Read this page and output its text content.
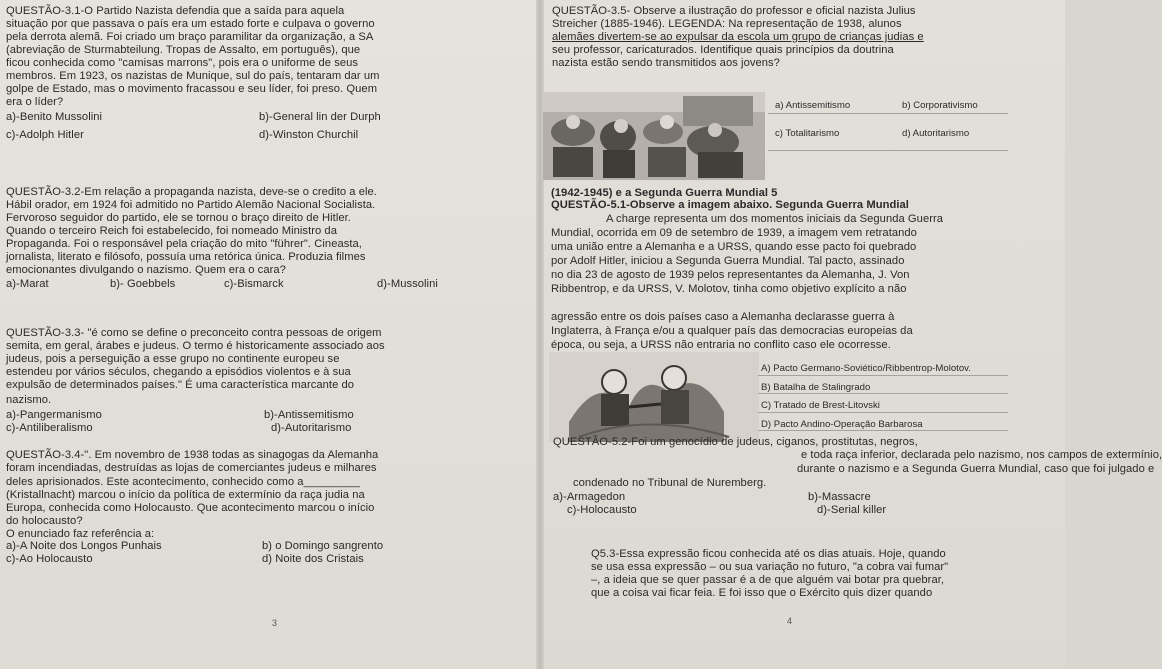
QUESTÃO-3.1-O Partido Nazista defendia que a saída para aquela

situação por que passava o país era um estado forte e culpava o governo

pela derrota alemã. Foi criado um braço paramilitar da organização, a SA

(abreviação de Sturmabteilung. Tropas de Assalto, em português), que

ficou conhecida como "camisas marrons", pois era o uniforme de seus

membros. Em 1923, os nazistas de Munique, sul do país, tentaram dar um

golpe de Estado, mas o movimento fracassou e seu líder, foi preso. Quem

era o líder?

a)-Benito Mussolini	b)-General lin der Durph

c)-Adolph Hitler	d)-Winston Churchil

QUESTÃO-3.2-Em relação a propaganda nazista, deve-se o credito a ele.

Hábil orador, em 1924 foi admitido no Partido Alemão Nacional Socialista.

Fervoroso seguidor do partido, ele se tornou o braço direito de Hitler.

Quando o terceiro Reich foi estabelecido, foi nomeado Ministro da

Propaganda. Foi o responsável pela criação do mito "führer". Cineasta,

jornalista, literato e filósofo, possuía uma retórica única. Produzia filmes

emocionantes divulgando o nazismo. Quem era o cara?

a)-Marat	b)- Goebbels	c)-Bismarck	d)-Mussolini

QUESTÃO-3.3- "é como se define o preconceito contra pessoas de origem

semita, em geral, árabes e judeus. O termo é historicamente associado aos

judeus, pois a perseguição a esse grupo no continente europeu se

estendeu por vários séculos, chegando a episódios violentos e à sua

expulsão de determinados países." É uma característica marcante do

nazismo.

a)-Pangermanismo	b)-Antissemitismo

c)-Antiliberalismo	d)-Autoritarismo

QUESTÃO-3.4-". Em novembro de 1938 todas as sinagogas da Alemanha

foram incendiadas, destruídas as lojas de comerciantes judeus e milhares

deles aprisionados. Este acontecimento, conhecido como a_________

(Kristallnacht) marcou o início da política de extermínio da raça judia na

Europa, conhecida como Holocausto. Que acontecimento marcou o início

do holocausto?

O enunciado faz referência a:

a)-A Noite dos Longos Punhais	b) o Domingo sangrento

c)-Ao Holocausto	d) Noite dos Cristais

3

QUESTÃO-3.5- Observe a ilustração do professor e oficial nazista Julius

Streicher (1885-1946). LEGENDA: Na representação de 1938, alunos

alemães divertem-se ao expulsar da escola um grupo de crianças judias e

seu professor, caricaturados. Identifique quais princípios da doutrina

nazista estão sendo transmitidos aos jovens?

a) Antissemitismo	b) Corporativismo
c) Totalitarismo	d) Autoritarismo

(1942-1945) e a Segunda Guerra Mundial 5

QUESTÃO-5.1-Observe a imagem abaixo. Segunda Guerra Mundial

A charge representa um dos momentos iniciais da Segunda Guerra

Mundial, ocorrida em 09 de setembro de 1939, a imagem vem retratando

uma união entre a Alemanha e a URSS, quando esse pacto foi quebrado

por Adolf Hitler, iniciou a Segunda Guerra Mundial. Tal pacto, assinado

no dia 23 de agosto de 1939 pelos representantes da Alemanha, J. Von

Ribbentrop, e da URSS, V. Molotov, tinha como objetivo explícito a não

agressão entre os dois países caso a Alemanha declarasse guerra à

Inglaterra, à França e/ou a qualquer país das democracias europeias da

época, ou seja, a URSS não entraria no conflito caso ele ocorresse.

A) Pacto Germano-Soviético/Ribbentrop-Molotov.
B) Batalha de Stalingrado
C) Tratado de Brest-Litovski
D) Pacto Andino-Operação Barbarosa

QUESTÃO-5.2-Foi um genocídio de judeus, ciganos, prostitutas, negros,

e toda raça inferior, declarada pelo nazismo, nos campos de extermínio,

durante o nazismo e a Segunda Guerra Mundial, caso que foi julgado e

condenado no Tribunal de Nuremberg.

a)-Armagedon	b)-Massacre

c)-Holocausto	d)-Serial killer

Q5.3-Essa expressão ficou conhecida até os dias atuais. Hoje, quando

se usa essa expressão – ou sua variação no futuro, "a cobra vai fumar"

–, a ideia que se quer passar é a de que alguém vai botar pra quebrar,

que a coisa vai ficar feia. E foi isso que o Exército quis dizer quando

4
